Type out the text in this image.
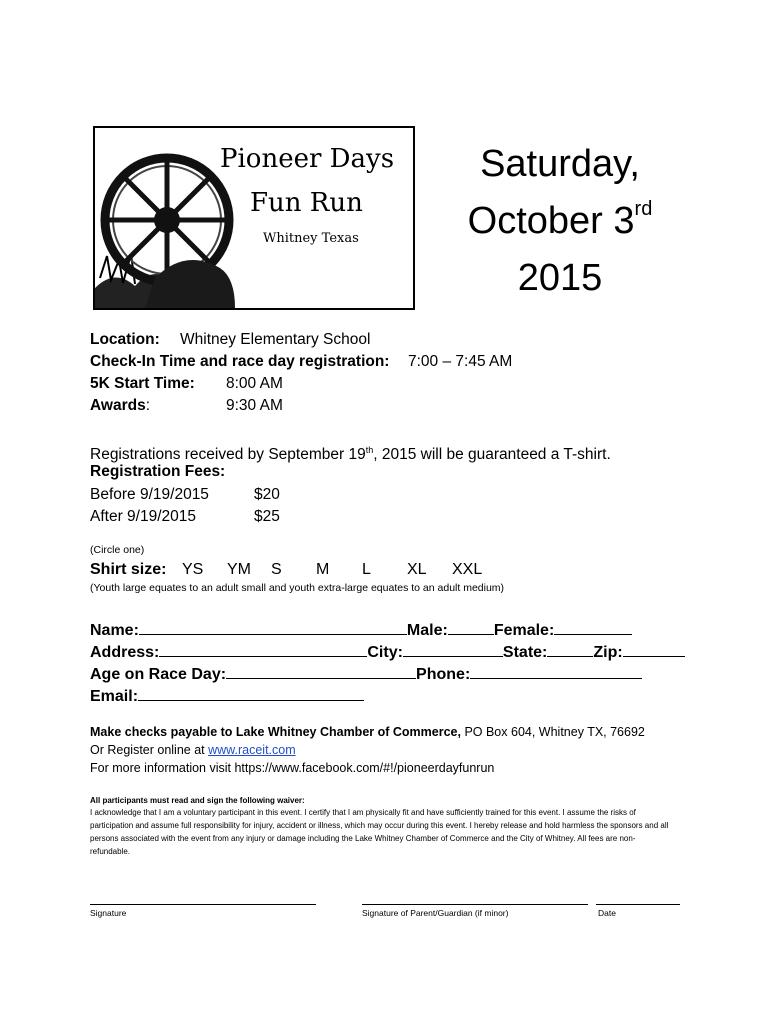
Pioneer Days
Fun Run
Whitney Texas
Saturday,
October 3rd
2015
Location: Whitney Elementary School
Check-In Time and race day registration: 7:00 – 7:45 AM
5K Start Time: 8:00 AM
Awards:	9:30 AM
Registrations received by September 19th, 2015 will be guaranteed a T-shirt.
Registration Fees:
Before 9/19/2015	$20
After 9/19/2015	$25
(Circle one)
Shirt size: YS YM S M L XL XXL
(Youth large equates to an adult small and youth extra-large equates to an adult medium)
Name:	Male:	Female:
Address:	City:	State:	Zip:
Age on Race Day:	Phone:
Email:
Make checks payable to Lake Whitney Chamber of Commerce, PO Box 604, Whitney TX, 76692
Or Register online at www.raceit.com
For more information visit https://www.facebook.com/#!/pioneerdayfunrun
All participants must read and sign the following waiver:
I acknowledge that I am a voluntary participant in this event. I certify that I am physically fit and have sufficiently trained for this event. I assume the risks of participation and assume full responsibility for injury, accident or illness, which may occur during this event. I hereby release and hold harmless the sponsors and all persons associated with the event from any injury or damage including the Lake Whitney Chamber of Commerce and the City of Whitney. All fees are non-refundable.
Signature	Signature of Parent/Guardian (if minor)	Date
